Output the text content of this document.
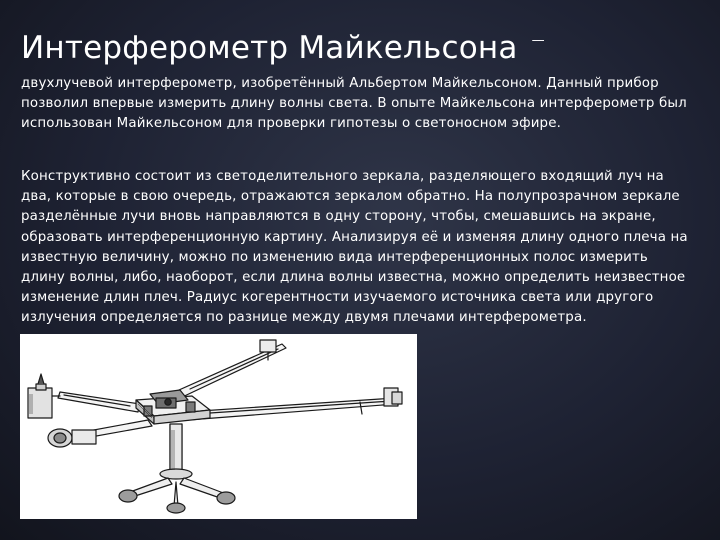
Интерферометр Майкельсона —

двухлучевой интерферометр, изобретённый Альбертом Майкельсоном. Данный прибор позволил впервые измерить длину волны света. В опыте Майкельсона интерферометр был использован Майкельсоном для проверки гипотезы о светоносном эфире.

Конструктивно состоит из светоделительного зеркала, разделяющего входящий луч на два, которые в свою очередь, отражаются зеркалом обратно. На полупрозрачном зеркале разделённые лучи вновь направляются в одну сторону, чтобы, смешавшись на экране, образовать интерференционную картину. Анализируя её и изменяя длину одного плеча на известную величину, можно по изменению вида интерференционных полос измерить длину волны, либо, наоборот, если длина волны известна, можно определить неизвестное изменение длин плеч. Радиус когерентности изучаемого источника света или другого излучения определяется по разнице между двумя плечами интерферометра.
